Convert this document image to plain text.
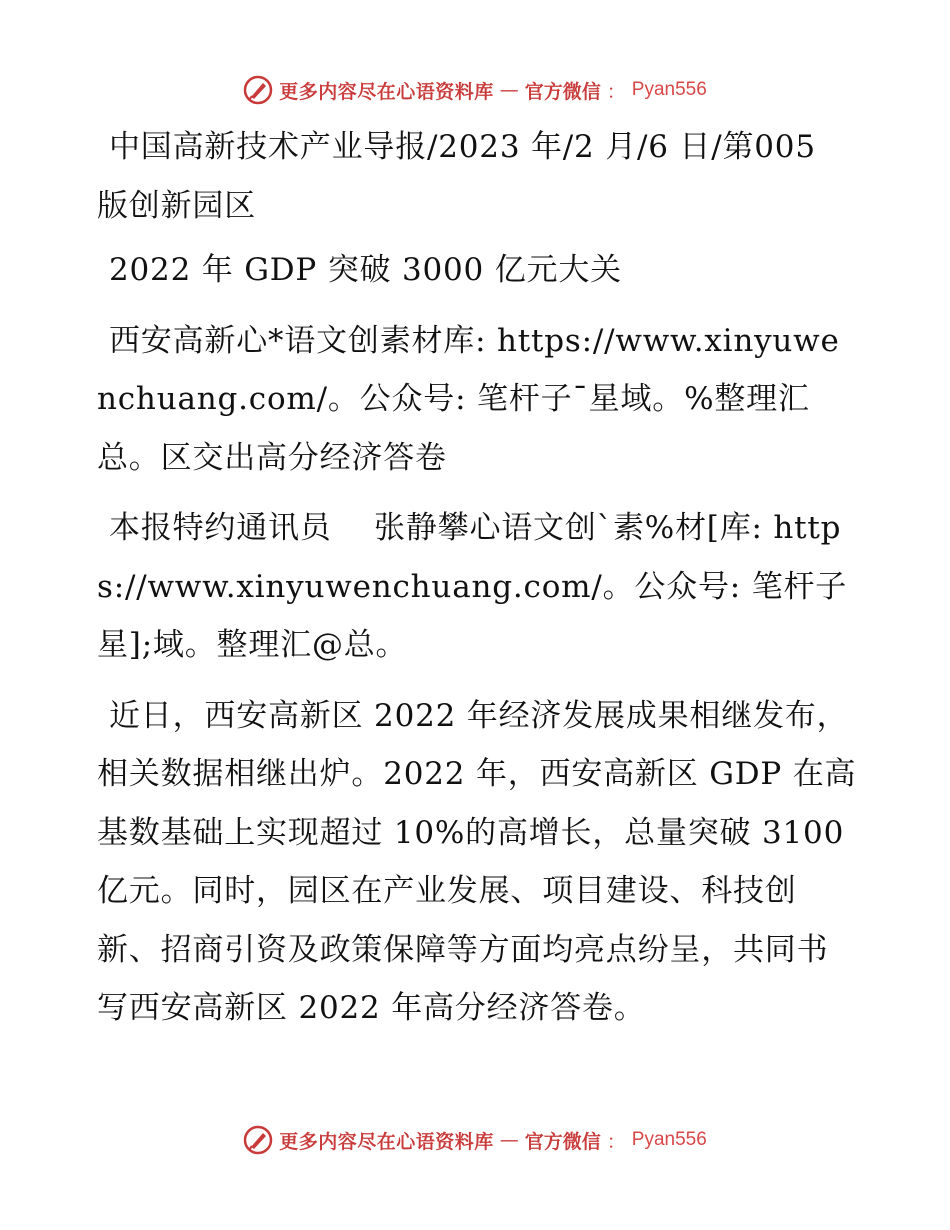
更多内容尽在心语资料库 — 官方微信 ： Pyan556

中国高新技术产业导报/2023 年/2 月/6 日/第005 版创新园区

2022 年 GDP 突破 3000 亿元大关

西安高新心*语文创素材库: https://www.xinyuwenchuang.com/。公众号: 笔杆子¯星域。%整理汇总。区交出高分经济答卷

本报特约通讯员　 张静攀心语文创`素%材[库: https://www.xinyuwenchuang.com/。公众号: 笔杆子星];域。整理汇@总。

近日，西安高新区 2022 年经济发展成果相继发布，相关数据相继出炉。2022 年，西安高新区 GDP 在高基数基础上实现超过 10%的高增长，总量突破 3100 亿元。同时，园区在产业发展、项目建设、科技创新、招商引资及政策保障等方面均亮点纷呈，共同书写西安高新区 2022 年高分经济答卷。

更多内容尽在心语资料库 — 官方微信 ： Pyan556
